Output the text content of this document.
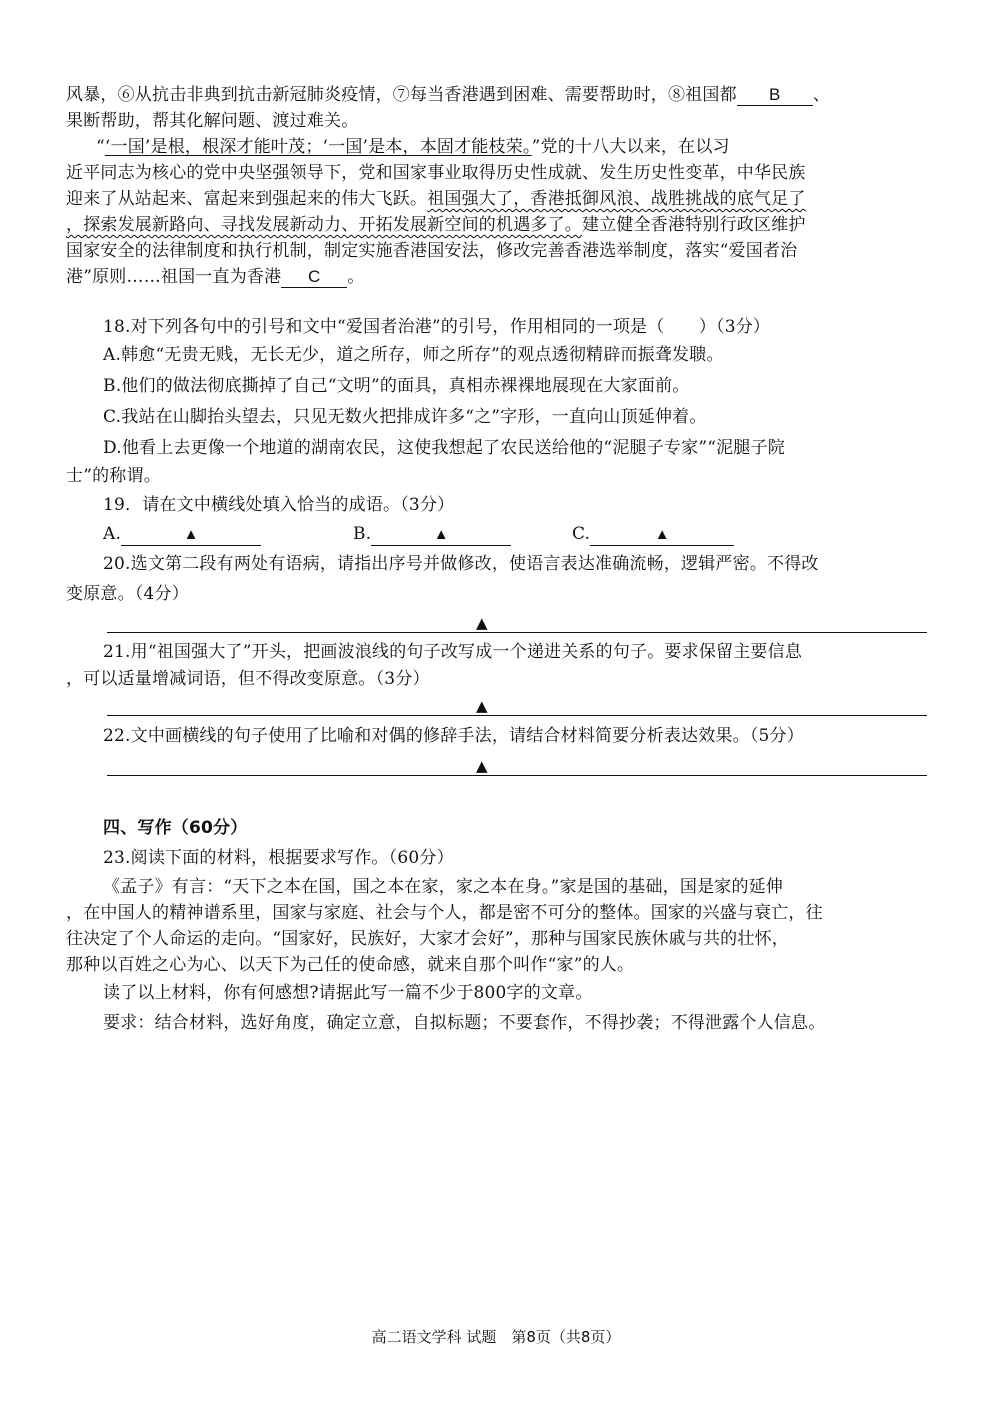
风暴，⑥从抗击非典到抗击新冠肺炎疫情，⑦每当香港遇到困难、需要帮助时，⑧祖国都 B 、
果断帮助，帮其化解问题、渡过难关。
“‘一国’是根，根深才能叶茂；‘一国’是本，本固才能枝荣。”党的十八大以来，在以习
近平同志为核心的党中央坚强领导下，党和国家事业取得历史性成就、发生历史性变革，中华民族
迎来了从站起来、富起来到强起来的伟大飞跃。祖国强大了，香港抵御风浪、战胜挑战的底气足了
，探索发展新路向、寻找发展新动力、开拓发展新空间的机遇多了。建立健全香港特别行政区维护
国家安全的法律制度和执行机制，制定实施香港国安法，修改完善香港选举制度，落实“爱国者治
港”原则……祖国一直为香港 C 。
18.对下列各句中的引号和文中“爱国者治港”的引号，作用相同的一项是（　　）（3分）
A.韩愈“无贵无贱，无长无少，道之所存，师之所存”的观点透彻精辟而振聋发聩。
B.他们的做法彻底撕掉了自己“文明”的面具，真相赤裸裸地展现在大家面前。
C.我站在山脚抬头望去，只见无数火把排成许多“之”字形，一直向山顶延伸着。
D.他看上去更像一个地道的湖南农民，这使我想起了农民送给他的“泥腿子专家”“泥腿子院
士”的称谓。
19．请在文中横线处填入恰当的成语。（3分）
A.	▲	B.	▲	C.	▲
20.选文第二段有两处有语病，请指出序号并做修改，使语言表达准确流畅，逻辑严密。不得改
变原意。（4分）
▲
21.用“祖国强大了”开头，把画波浪线的句子改写成一个递进关系的句子。要求保留主要信息
，可以适量增减词语，但不得改变原意。（3分）
▲
22.文中画横线的句子使用了比喻和对偶的修辞手法，请结合材料简要分析表达效果。（5分）
▲
四、写作（60分）
23.阅读下面的材料，根据要求写作。（60分）
《孟子》有言：“天下之本在国，国之本在家，家之本在身。”家是国的基础，国是家的延伸
，在中国人的精神谱系里，国家与家庭、社会与个人，都是密不可分的整体。国家的兴盛与衰亡，往
往决定了个人命运的走向。“国家好，民族好，大家才会好”，那种与国家民族休戚与共的壮怀，
那种以百姓之心为心、以天下为己任的使命感，就来自那个叫作“家”的人。
读了以上材料，你有何感想?请据此写一篇不少于800字的文章。
要求：结合材料，选好角度，确定立意，自拟标题；不要套作，不得抄袭；不得泄露个人信息。
高二语文学科 试题　第8页（共8页）
